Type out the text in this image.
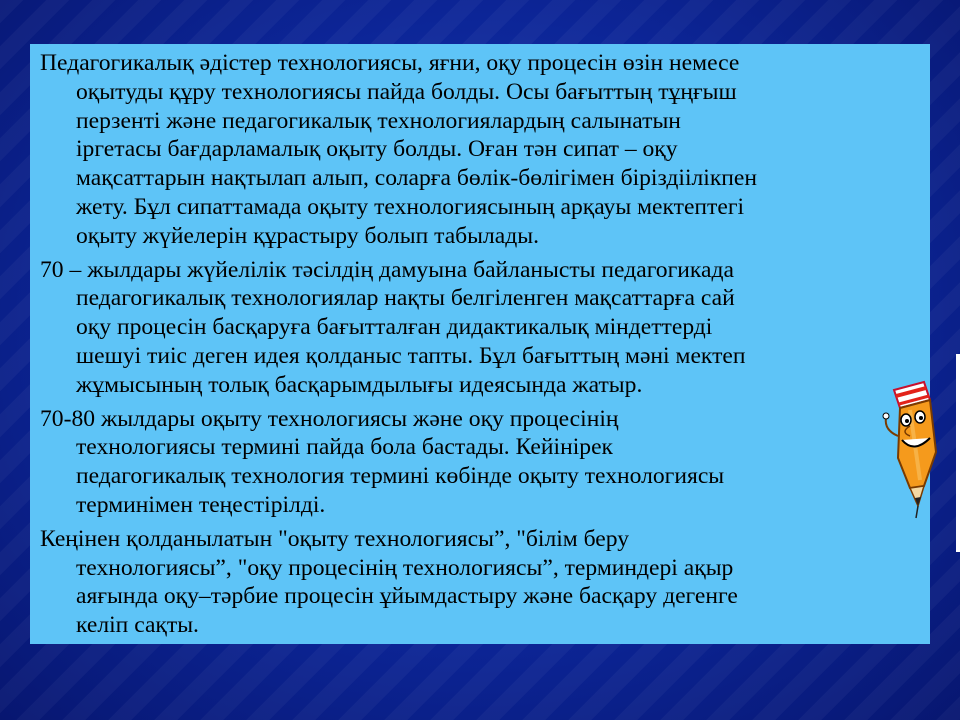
Педагогикалық әдістер технологиясы, яғни, оқу процесін өзін немесе
оқытуды құру технологиясы пайда болды. Осы бағыттың тұңғыш
перзенті және педагогикалық технологиялардың салынатын
іргетасы бағдарламалық оқыту болды. Оған тән сипат – оқу
мақсаттарын нақтылап алып, соларға бөлік-бөлігімен біріздіілікпен
жету. Бұл сипаттамада оқыту технологиясының арқауы мектептегі
оқыту жүйелерін құрастыру болып табылады.

70 – жылдары жүйелілік тәсілдің дамуына байланысты педагогикада
педагогикалық технологиялар нақты белгіленген мақсаттарға сай
оқу процесін басқаруға бағытталған дидактикалық міндеттерді
шешуі тиіс деген идея қолданыс тапты. Бұл бағыттың мәні мектеп
жұмысының толық басқарымдылығы идеясында жатыр.

70-80 жылдары оқыту технологиясы және оқу процесінің
технологиясы термині пайда бола бастады. Кейінірек
педагогикалық технология термині көбінде оқыту технологиясы
терминімен теңестірілді.

Кеңінен қолданылатын "оқыту технологиясы”, "білім беру
технологиясы”, "оқу процесінің технологиясы”, терминдері ақыр
аяғында оқу–тәрбие процесін ұйымдастыру және басқару дегенге
келіп сақты.
